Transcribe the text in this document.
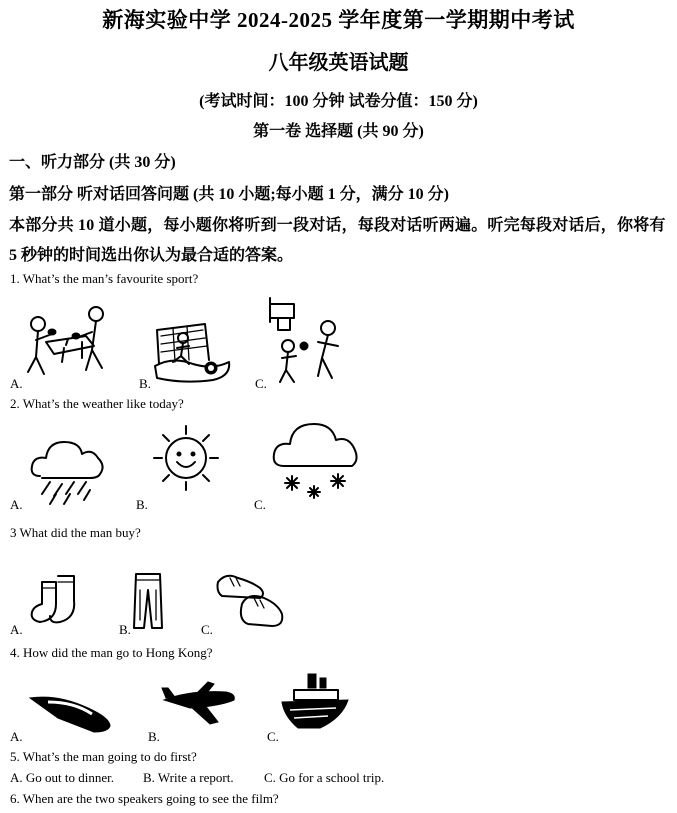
新海实验中学 2024-2025 学年度第一学期期中考试
八年级英语试题
(考试时间：100 分钟 试卷分值：150 分)
第一卷 选择题 (共 90 分)
一、听力部分 (共 30 分)
第一部分 听对话回答问题 (共 10 小题;每小题 1 分，满分 10 分)
本部分共 10 道小题，每小题你将听到一段对话，每段对话听两遍。听完每段对话后，你将有
5 秒钟的时间选出你认为最合适的答案。
1. What’s the man’s favourite sport?
A.	B.	C.
2. What’s the weather like today?
A.	B.	C.
3 What did the man buy?
A.	B.	C.
4. How did the man go to Hong Kong?
A.	B.	C.
5. What’s the man going to do first?
A. Go out to dinner. B. Write a report. C. Go for a school trip.
6. When are the two speakers going to see the film?
